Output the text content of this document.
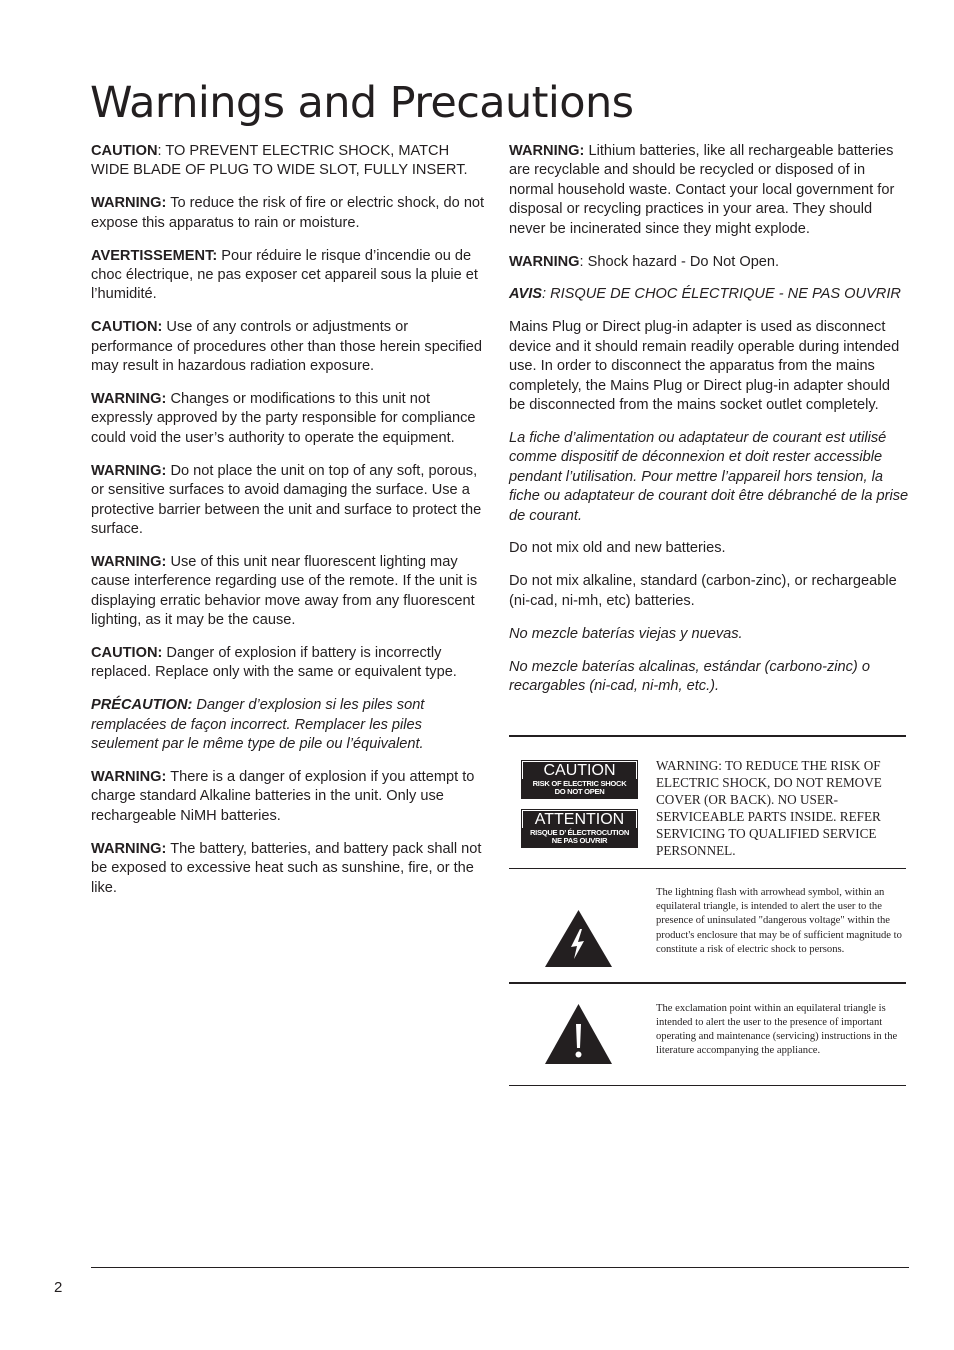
Warnings and Precautions

CAUTION: TO PREVENT ELECTRIC SHOCK, MATCH WIDE BLADE OF PLUG TO WIDE SLOT, FULLY INSERT.

WARNING: To reduce the risk of fire or electric shock, do not expose this apparatus to rain or moisture.

AVERTISSEMENT: Pour réduire le risque d’incendie ou de choc électrique, ne pas exposer cet appareil sous la pluie et l’humidité.

CAUTION: Use of any controls or adjustments or performance of procedures other than those herein specified may result in hazardous radiation exposure.

WARNING: Changes or modifications to this unit not expressly approved by the party responsible for compliance could void the user’s authority to operate the equipment.

WARNING: Do not place the unit on top of any soft, porous, or sensitive surfaces to avoid damaging the surface. Use a protective barrier between the unit and surface to protect the surface.

WARNING: Use of this unit near fluorescent lighting may cause interference regarding use of the remote. If the unit is displaying erratic behavior move away from any fluorescent lighting, as it may be the cause.

CAUTION: Danger of explosion if battery is incorrectly replaced. Replace only with the same or equivalent type.

PRÉCAUTION: Danger d’explosion si les piles sont remplacées de façon incorrect. Remplacer les piles seulement par le même type de pile ou l’équivalent.

WARNING: There is a danger of explosion if you attempt to charge standard Alkaline batteries in the unit. Only use rechargeable NiMH batteries.

WARNING: The battery, batteries, and battery pack shall not be exposed to excessive heat such as sunshine, fire, or the like.

WARNING: Lithium batteries, like all rechargeable batteries are recyclable and should be recycled or disposed of in normal household waste. Contact your local government for disposal or recycling practices in your area. They should never be incinerated since they might explode.

WARNING: Shock hazard - Do Not Open.

AVIS: RISQUE DE CHOC ÉLECTRIQUE - NE PAS OUVRIR

Mains Plug or Direct plug-in adapter is used as disconnect device and it should remain readily operable during intended use. In order to disconnect the apparatus from the mains completely, the Mains Plug or Direct plug-in adapter should be disconnected from the mains socket outlet completely.

La fiche d’alimentation ou adaptateur de courant est utilisé comme dispositif de déconnexion et doit rester accessible pendant l’utilisation. Pour mettre l’appareil hors tension, la fiche ou adaptateur de courant doit être débranché de la prise de courant.

Do not mix old and new batteries.

Do not mix alkaline, standard (carbon-zinc), or rechargeable (ni-cad, ni-mh, etc) batteries.

No mezcle baterías viejas y nuevas.

No mezcle baterías alcalinas, estándar (carbono-zinc) o recargables (ni-cad, ni-mh, etc.).

CAUTION
RISK OF ELECTRIC SHOCK
DO NOT OPEN
ATTENTION
RISQUE D’ ÉLECTROCUTION
NE PAS OUVRIR
WARNING: TO REDUCE THE RISK OF ELECTRIC SHOCK, DO NOT REMOVE COVER (OR BACK). NO USER-SERVICEABLE PARTS INSIDE. REFER SERVICING TO QUALIFIED SERVICE PERSONNEL.
The lightning flash with arrowhead symbol, within an equilateral triangle, is intended to alert the user to the presence of uninsulated "dangerous voltage" within the product's enclosure that may be of sufficient magnitude to constitute a risk of electric shock to persons.
The exclamation point within an equilateral triangle is intended to alert the user to the presence of important operating and maintenance (servicing) instructions in the literature accompanying the appliance.
2
